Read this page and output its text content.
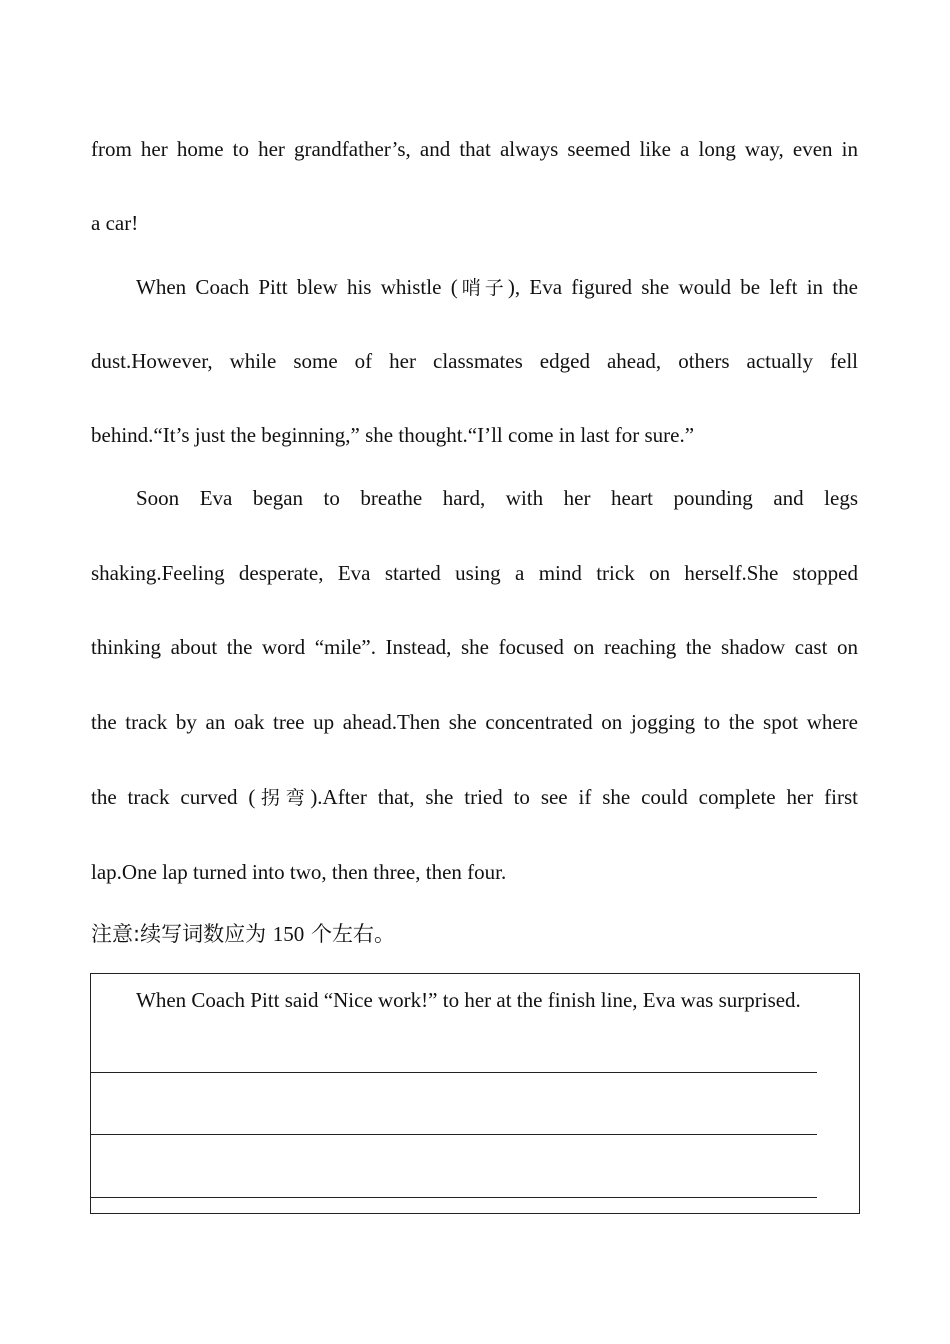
from her home to her grandfather’s, and that always seemed like a long way, even in
a car!
When Coach Pitt blew his whistle (哨子), Eva figured she would be left in the
dust.However, while some of her classmates edged ahead, others actually fell
behind.“It’s just the beginning,” she thought.“I’ll come in last for sure.”
Soon Eva began to breathe hard, with her heart pounding and legs
shaking.Feeling desperate, Eva started using a mind trick on herself.She stopped
thinking about the word “mile”. Instead, she focused on reaching the shadow cast on
the track by an oak tree up ahead.Then she concentrated on jogging to the spot where
the track curved (拐弯).After that, she tried to see if she could complete her first
lap.One lap turned into two, then three, then four.
注意:续写词数应为 150 个左右。
When Coach Pitt said “Nice work!” to her at the finish line, Eva was surprised.
